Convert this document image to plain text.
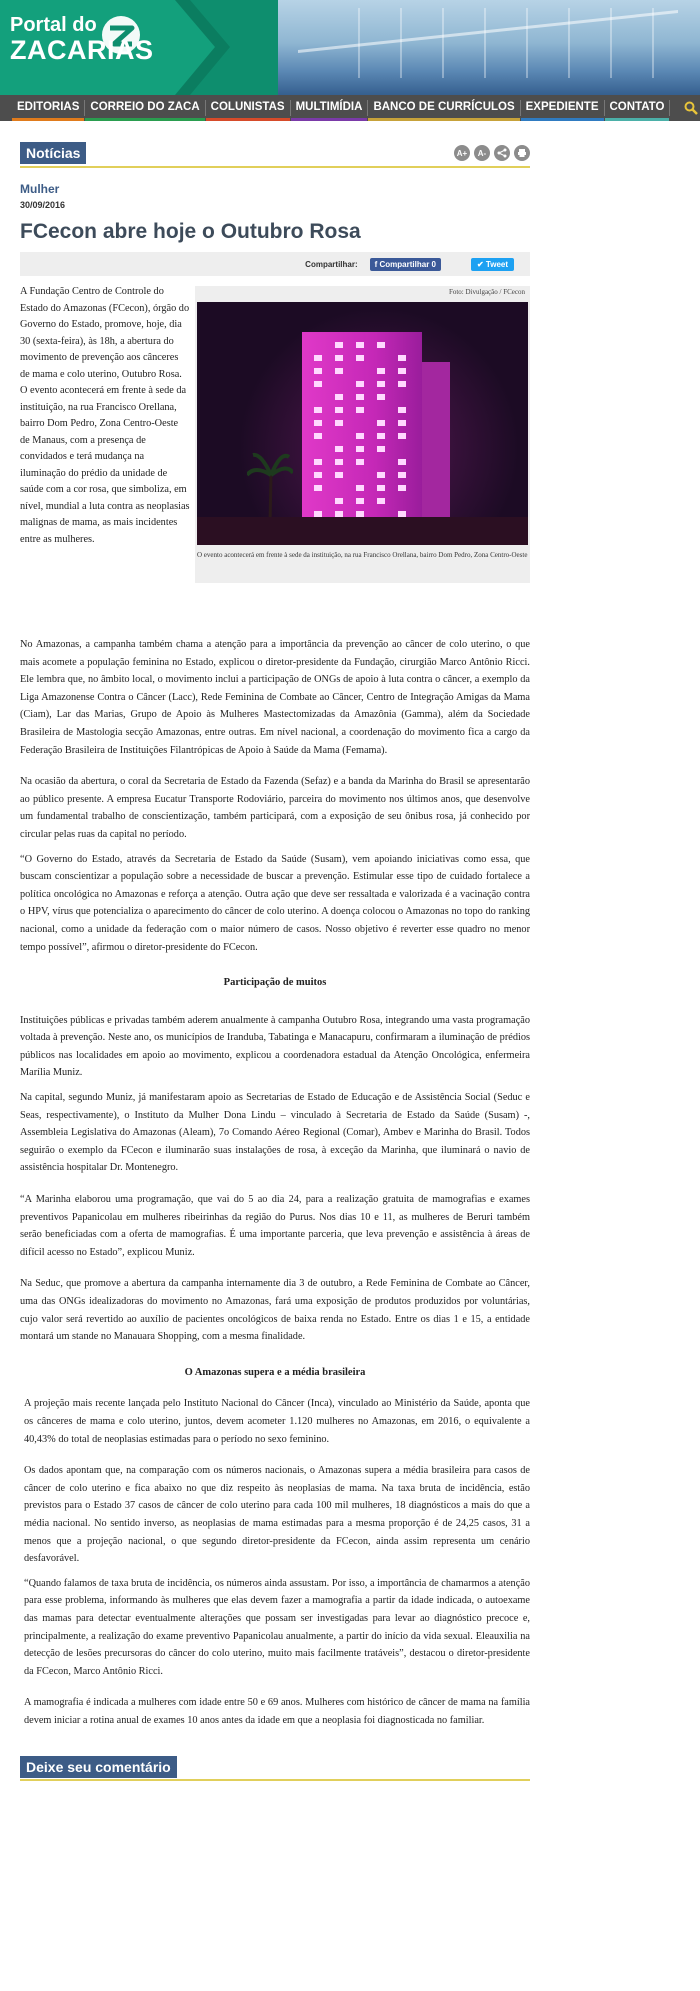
Portal do
ZACARIAS
EDITORIAS CORREIO DO ZACA COLUNISTAS MULTIMÍDIA BANCO DE CURRÍCULOS EXPEDIENTE CONTATO
Notícias	A+	A-
Mulher
30/09/2016
FCecon abre hoje o Outubro Rosa
Compartilhar:	f Compartilhar 0	✔ Tweet

A Fundação Centro de Controle do Estado do Amazonas (FCecon), órgão do Governo do Estado, promove, hoje, dia 30 (sexta-feira), às 18h, a abertura do movimento de prevenção aos cânceres de mama e colo uterino, Outubro Rosa. O evento acontecerá em frente à sede da instituição, na rua Francisco Orellana, bairro Dom Pedro, Zona Centro-Oeste de Manaus, com a presença de convidados e terá mudança na iluminação do prédio da unidade de saúde com a cor rosa, que simboliza, em nível, mundial a luta contra as neoplasias malignas de mama, as mais incidentes entre as mulheres.

Foto: Divulgação / FCecon
O evento acontecerá em frente à sede da instituição, na rua Francisco Orellana, bairro Dom Pedro, Zona Centro-Oeste

No Amazonas, a campanha também chama a atenção para a importância da prevenção ao câncer de colo uterino, o que mais acomete a população feminina no Estado, explicou o diretor-presidente da Fundação, cirurgião Marco Antônio Ricci. Ele lembra que, no âmbito local, o movimento inclui a participação de ONGs de apoio à luta contra o câncer, a exemplo da Liga Amazonense Contra o Câncer (Lacc), Rede Feminina de Combate ao Câncer, Centro de Integração Amigas da Mama (Ciam), Lar das Marias, Grupo de Apoio às Mulheres Mastectomizadas da Amazônia (Gamma), além da Sociedade Brasileira de Mastologia secção Amazonas, entre outras. Em nível nacional, a coordenação do movimento fica a cargo da Federação Brasileira de Instituições Filantrópicas de Apoio à Saúde da Mama (Femama).

Na ocasião da abertura, o coral da Secretaria de Estado da Fazenda (Sefaz) e a banda da Marinha do Brasil se apresentarão ao público presente. A empresa Eucatur Transporte Rodoviário, parceira do movimento nos últimos anos, que desenvolve um fundamental trabalho de conscientização, também participará, com a exposição de seu ônibus rosa, já conhecido por circular pelas ruas da capital no período.

“O Governo do Estado, através da Secretaria de Estado da Saúde (Susam), vem apoiando iniciativas como essa, que buscam conscientizar a população sobre a necessidade de buscar a prevenção. Estimular esse tipo de cuidado fortalece a política oncológica no Amazonas e reforça a atenção. Outra ação que deve ser ressaltada e valorizada é a vacinação contra o HPV, vírus que potencializa o aparecimento do câncer de colo uterino. A doença colocou o Amazonas no topo do ranking nacional, como a unidade da federação com o maior número de casos. Nosso objetivo é reverter esse quadro no menor tempo possível”, afirmou o diretor-presidente do FCecon.

Participação de muitos

Instituições públicas e privadas também aderem anualmente à campanha Outubro Rosa, integrando uma vasta programação voltada à prevenção. Neste ano, os municípios de Iranduba, Tabatinga e Manacapuru, confirmaram a iluminação de prédios públicos nas localidades em apoio ao movimento, explicou a coordenadora estadual da Atenção Oncológica, enfermeira Marília Muniz.

Na capital, segundo Muniz, já manifestaram apoio as Secretarias de Estado de Educação e de Assistência Social (Seduc e Seas, respectivamente), o Instituto da Mulher Dona Lindu – vinculado à Secretaria de Estado da Saúde (Susam) -, Assembleia Legislativa do Amazonas (Aleam), 7o Comando Aéreo Regional (Comar), Ambev e Marinha do Brasil. Todos seguirão o exemplo da FCecon e iluminarão suas instalações de rosa, à exceção da Marinha, que iluminará o navio de assistência hospitalar Dr. Montenegro.

“A Marinha elaborou uma programação, que vai do 5 ao dia 24, para a realização gratuita de mamografias e exames preventivos Papanicolau em mulheres ribeirinhas da região do Purus. Nos dias 10 e 11, as mulheres de Beruri também serão beneficiadas com a oferta de mamografias. É uma importante parceria, que leva prevenção e assistência à áreas de difícil acesso no Estado”, explicou Muniz.

Na Seduc, que promove a abertura da campanha internamente dia 3 de outubro, a Rede Feminina de Combate ao Câncer, uma das ONGs idealizadoras do movimento no Amazonas, fará uma exposição de produtos produzidos por voluntárias, cujo valor será revertido ao auxílio de pacientes oncológicos de baixa renda no Estado. Entre os dias 1 e 15, a entidade montará um stande no Manauara Shopping, com a mesma finalidade.

O Amazonas supera e a média brasileira

A projeção mais recente lançada pelo Instituto Nacional do Câncer (Inca), vinculado ao Ministério da Saúde, aponta que os cânceres de mama e colo uterino, juntos, devem acometer 1.120 mulheres no Amazonas, em 2016, o equivalente a 40,43% do total de neoplasias estimadas para o período no sexo feminino.

Os dados apontam que, na comparação com os números nacionais, o Amazonas supera a média brasileira para casos de câncer de colo uterino e fica abaixo no que diz respeito às neoplasias de mama. Na taxa bruta de incidência, estão previstos para o Estado 37 casos de câncer de colo uterino para cada 100 mil mulheres, 18 diagnósticos a mais do que a média nacional. No sentido inverso, as neoplasias de mama estimadas para a mesma proporção é de 24,25 casos, 31 a menos que a projeção nacional, o que segundo diretor-presidente da FCecon, ainda assim representa um cenário desfavorável.

“Quando falamos de taxa bruta de incidência, os números ainda assustam. Por isso, a importância de chamarmos a atenção para esse problema, informando às mulheres que elas devem fazer a mamografia a partir da idade indicada, o autoexame das mamas para detectar eventualmente alterações que possam ser investigadas para levar ao diagnóstico precoce e, principalmente, a realização do exame preventivo Papanicolau anualmente, a partir do início da vida sexual. Eleauxilia na detecção de lesões precursoras do câncer do colo uterino, muito mais facilmente tratáveis”, destacou o diretor-presidente da FCecon, Marco Antônio Ricci.

A mamografia é indicada a mulheres com idade entre 50 e 69 anos. Mulheres com histórico de câncer de mama na família devem iniciar a rotina anual de exames 10 anos antes da idade em que a neoplasia foi diagnosticada no familiar.

Deixe seu comentário
